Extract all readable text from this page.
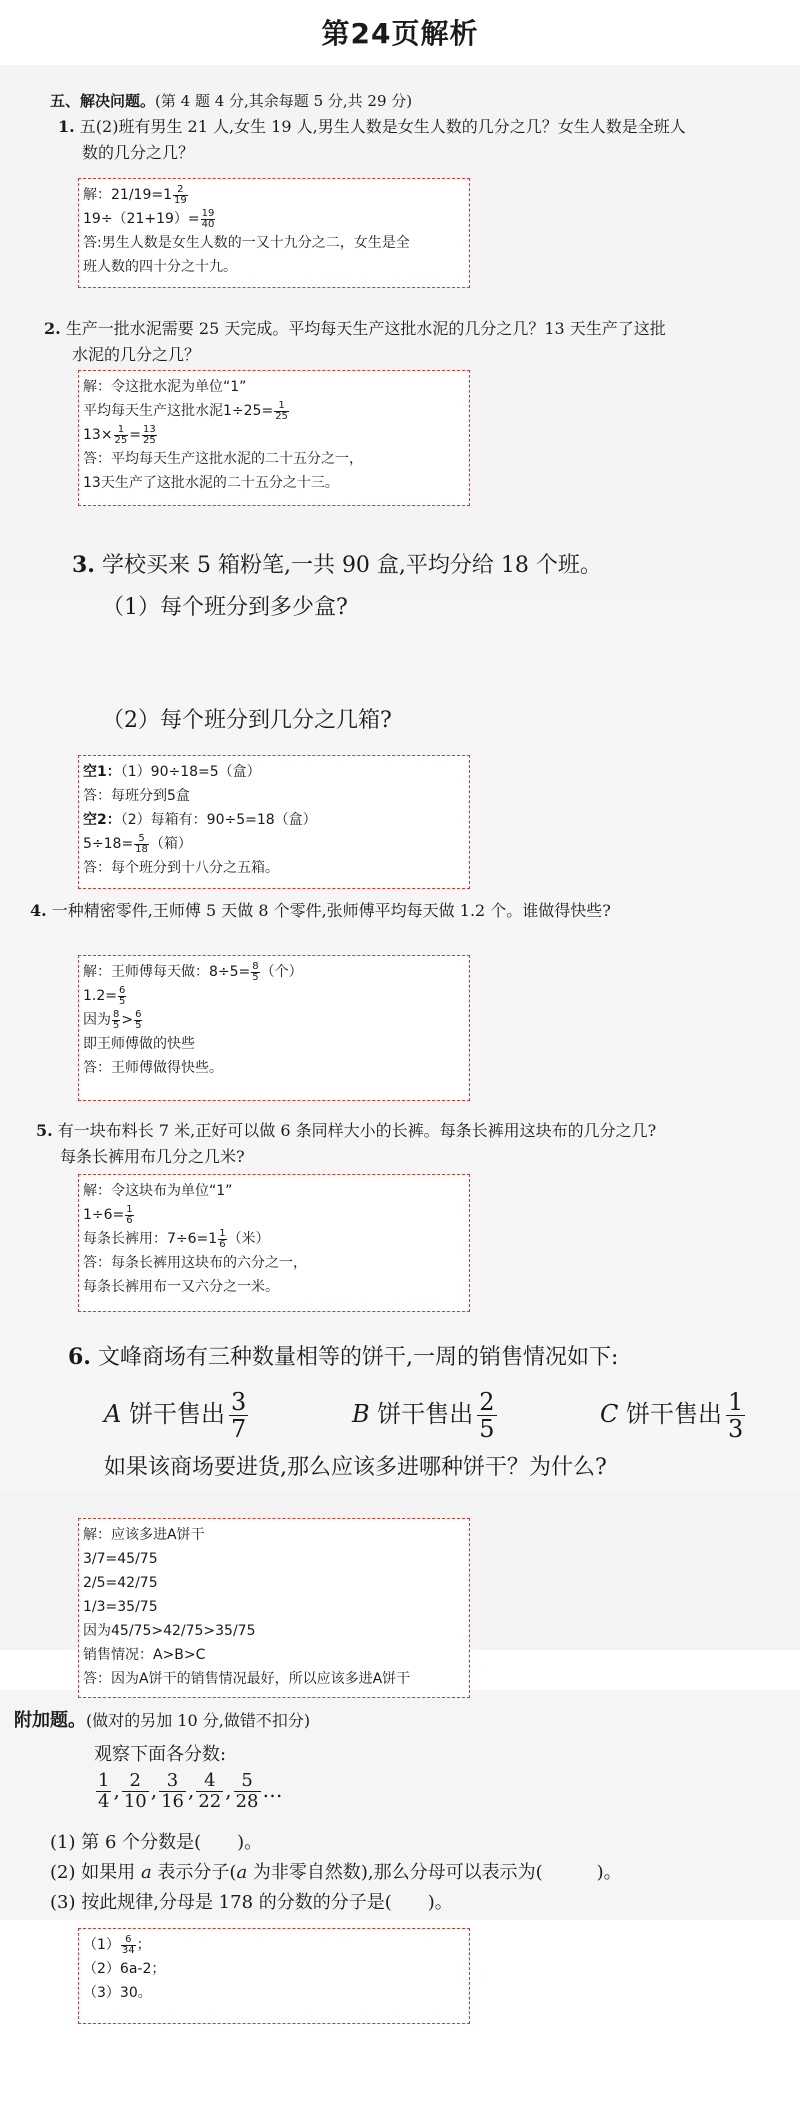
第24页解析
五、解决问题。(第 4 题 4 分,其余每题 5 分,共 29 分)
1. 五(2)班有男生 21 人,女生 19 人,男生人数是女生人数的几分之几？女生人数是全班人
数的几分之几？
解：$21/19=1 \frac{2}{19}$
$19\div(21+19)= \frac{19}{40}$
答:男生人数是女生人数的一又十九分之二，女生是全
班人数的四十分之十九。
2. 生产一批水泥需要 25 天完成。平均每天生产这批水泥的几分之几？13 天生产了这批
水泥的几分之几？
解：令这批水泥为单位“1”
平均每天生产这批水泥$1\div 25= \frac{1}{25}$
$13\times \frac{1}{25} = \frac{13}{25}$
答：平均每天生产这批水泥的二十五分之一，
13天生产了这批水泥的二十五分之十三。
3. 学校买来 5 箱粉笔,一共 90 盒,平均分给 18 个班。
（1）每个班分到多少盒?
（2）每个班分到几分之几箱?
空1：（1）90÷18=5（盒）
答：每班分到5盒
空2：（2）每箱有：90÷5=18（盒）
$5\div 18= \frac{5}{18}$ （箱）
答：每个班分到十八分之五箱。
4. 一种精密零件,王师傅 5 天做 8 个零件,张师傅平均每天做 1.2 个。谁做得快些?
解：王师傅每天做：$8\div 5= \frac{8}{5}$ （个）
$1.2= \frac{6}{5}$
因为 $\frac{8}{5} > \frac{6}{5}$
即王师傅做的快些
答：王师傅做得快些。
5. 有一块布料长 7 米,正好可以做 6 条同样大小的长裤。每条长裤用这块布的几分之几?
每条长裤用布几分之几米?
解：令这块布为单位“1”
$1\div 6= \frac{1}{6}$
每条长裤用：$7\div 6=1 \frac{1}{6}$ （米）
答：每条长裤用这块布的六分之一，
每条长裤用布一又六分之一米。
6. 文峰商场有三种数量相等的饼干,一周的销售情况如下:
A 饼干售出 $\frac{3}{7}$	B 饼干售出 $\frac{2}{5}$	C 饼干售出 $\frac{1}{3}$
如果该商场要进货,那么应该多进哪种饼干？为什么?
解：应该多进A饼干
3/7=45/75
2/5=42/75
1/3=35/75
因为45/75>42/75>35/75
销售情况：A>B>C
答：因为A饼干的销售情况最好，所以应该多进A饼干
附加题。(做对的另加 10 分,做错不扣分)
观察下面各分数:
$\frac{1}{4}$ , $\frac{2}{10}$ , $\frac{3}{16}$ , $\frac{4}{22}$ , $\frac{5}{28}$ …
(1) 第 6 个分数是(　　)。
(2) 如果用 a 表示分子(a 为非零自然数),那么分母可以表示为(　　　)。
(3) 按此规律,分母是 178 的分数的分子是(　　)。
$(1) \frac{6}{34}$ ；
（2）6a-2；
（3）30。
